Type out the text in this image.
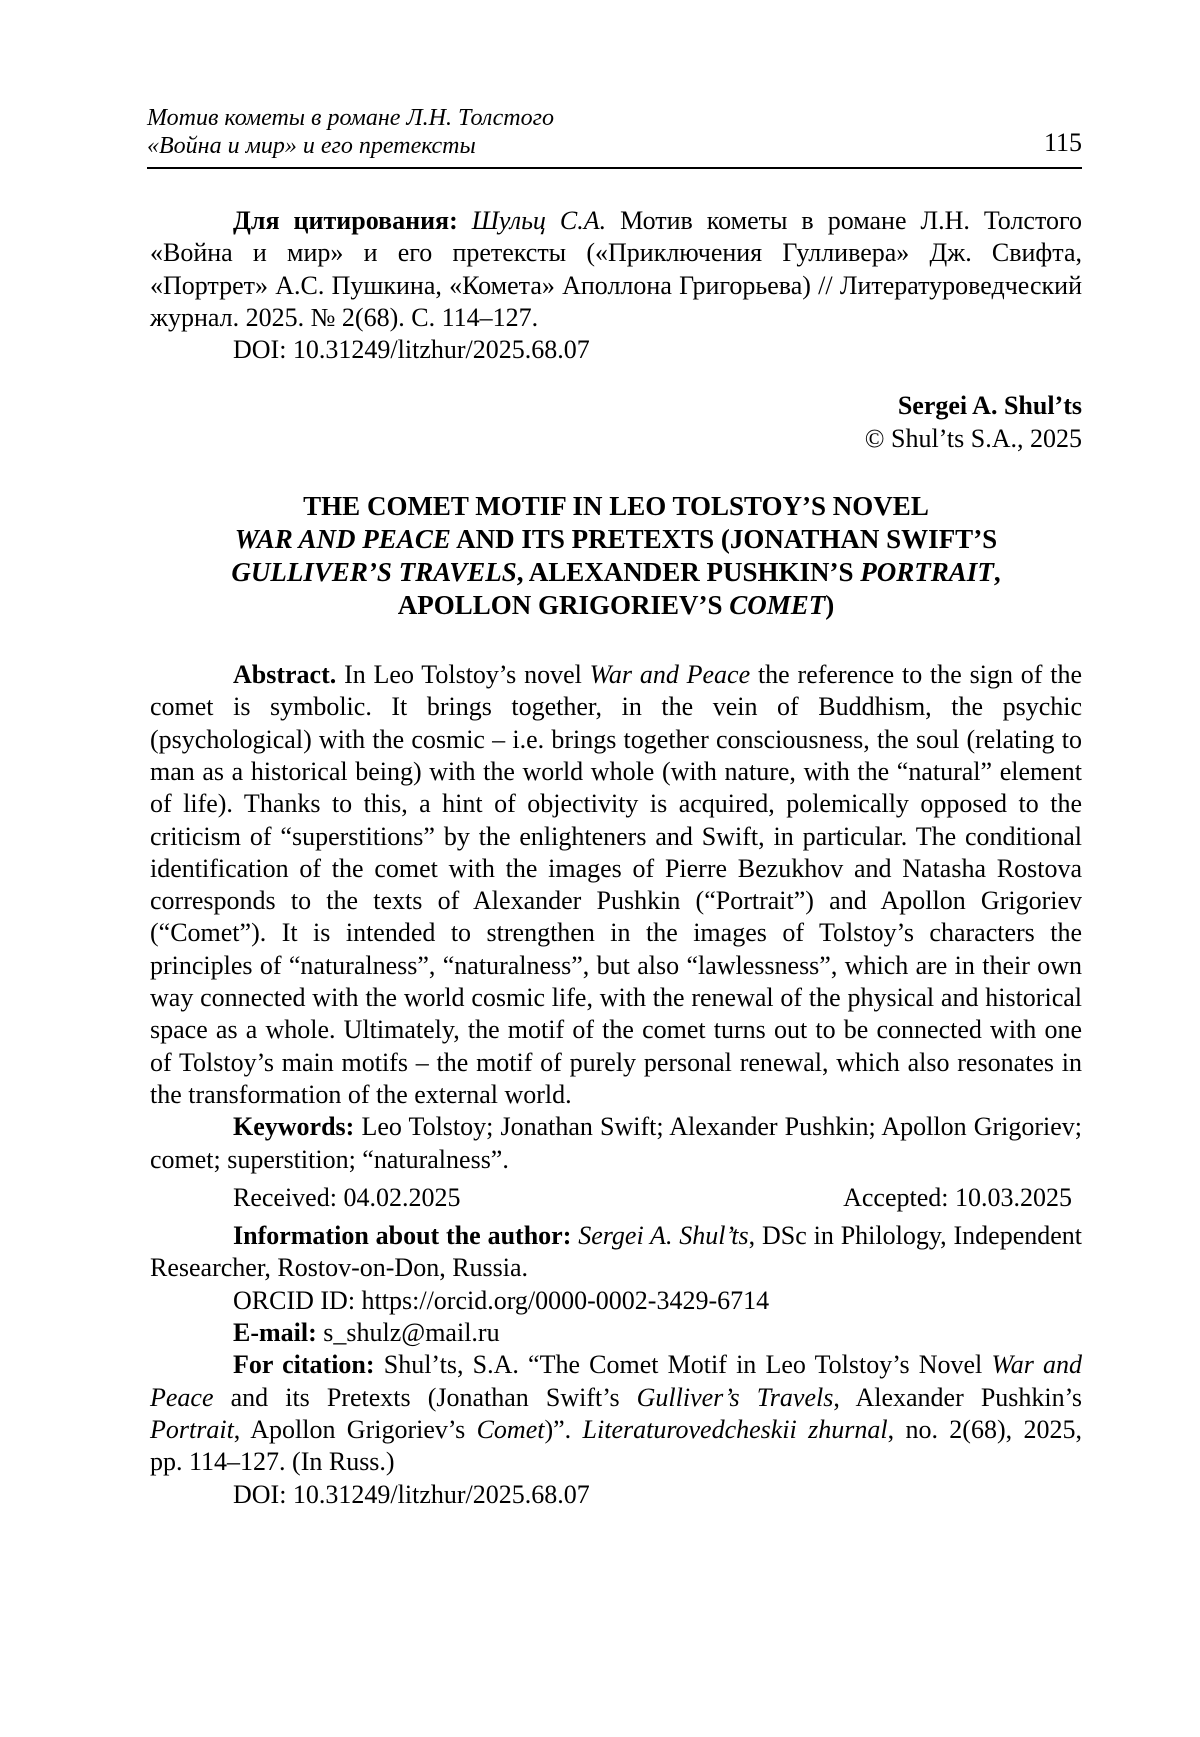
Мотив кометы в романе Л.Н. Толстого
«Война и мир» и его претексты	115

Для цитирования: Шульц С.А. Мотив кометы в романе Л.Н. Толстого «Война и мир» и его претексты («Приключения Гулливера» Дж. Свифта, «Портрет» А.С. Пушкина, «Комета» Аполлона Григорьева) // Литературоведческий журнал. 2025. № 2(68). С. 114–127.

DOI: 10.31249/litzhur/2025.68.07

Sergei A. Shul’ts

© Shul’ts S.A., 2025

THE COMET MOTIF IN LEO TOLSTOY’S NOVEL
WAR AND PEACE AND ITS PRETEXTS (JONATHAN SWIFT’S
GULLIVER’S TRAVELS, ALEXANDER PUSHKIN’S PORTRAIT,
APOLLON GRIGORIEV’S COMET)

Abstract. In Leo Tolstoy’s novel War and Peace the reference to the sign of the comet is symbolic. It brings together, in the vein of Buddhism, the psychic (psychological) with the cosmic – i.e. brings together consciousness, the soul (relating to man as a historical being) with the world whole (with nature, with the “natural” element of life). Thanks to this, a hint of objectivity is acquired, polemically opposed to the criticism of “superstitions” by the enlighteners and Swift, in particular. The conditional identification of the comet with the images of Pierre Bezukhov and Natasha Rostova corresponds to the texts of Alexander Pushkin (“Portrait”) and Apollon Grigoriev (“Comet”). It is intended to strengthen in the images of Tolstoy’s characters the principles of “naturalness”, “naturalness”, but also “lawlessness”, which are in their own way connected with the world cosmic life, with the renewal of the physical and historical space as a whole. Ultimately, the motif of the comet turns out to be connected with one of Tolstoy’s main motifs – the motif of purely personal renewal, which also resonates in the transformation of the external world.

Keywords: Leo Tolstoy; Jonathan Swift; Alexander Pushkin; Apollon Grigoriev; comet; superstition; “naturalness”.

Received: 04.02.2025	Accepted: 10.03.2025

Information about the author: Sergei A. Shul’ts, DSc in Philology, Independent Researcher, Rostov-on-Don, Russia.

ORCID ID: https://orcid.org/0000-0002-3429-6714

E-mail: s_shulz@mail.ru

For citation: Shul’ts, S.A. “The Comet Motif in Leo Tolstoy’s Novel War and Peace and its Pretexts (Jonathan Swift’s Gulliver’s Travels, Alexander Pushkin’s Portrait, Apollon Grigoriev’s Comet)”. Literaturovedcheskii zhurnal, no. 2(68), 2025, pp. 114–127. (In Russ.)

DOI: 10.31249/litzhur/2025.68.07
